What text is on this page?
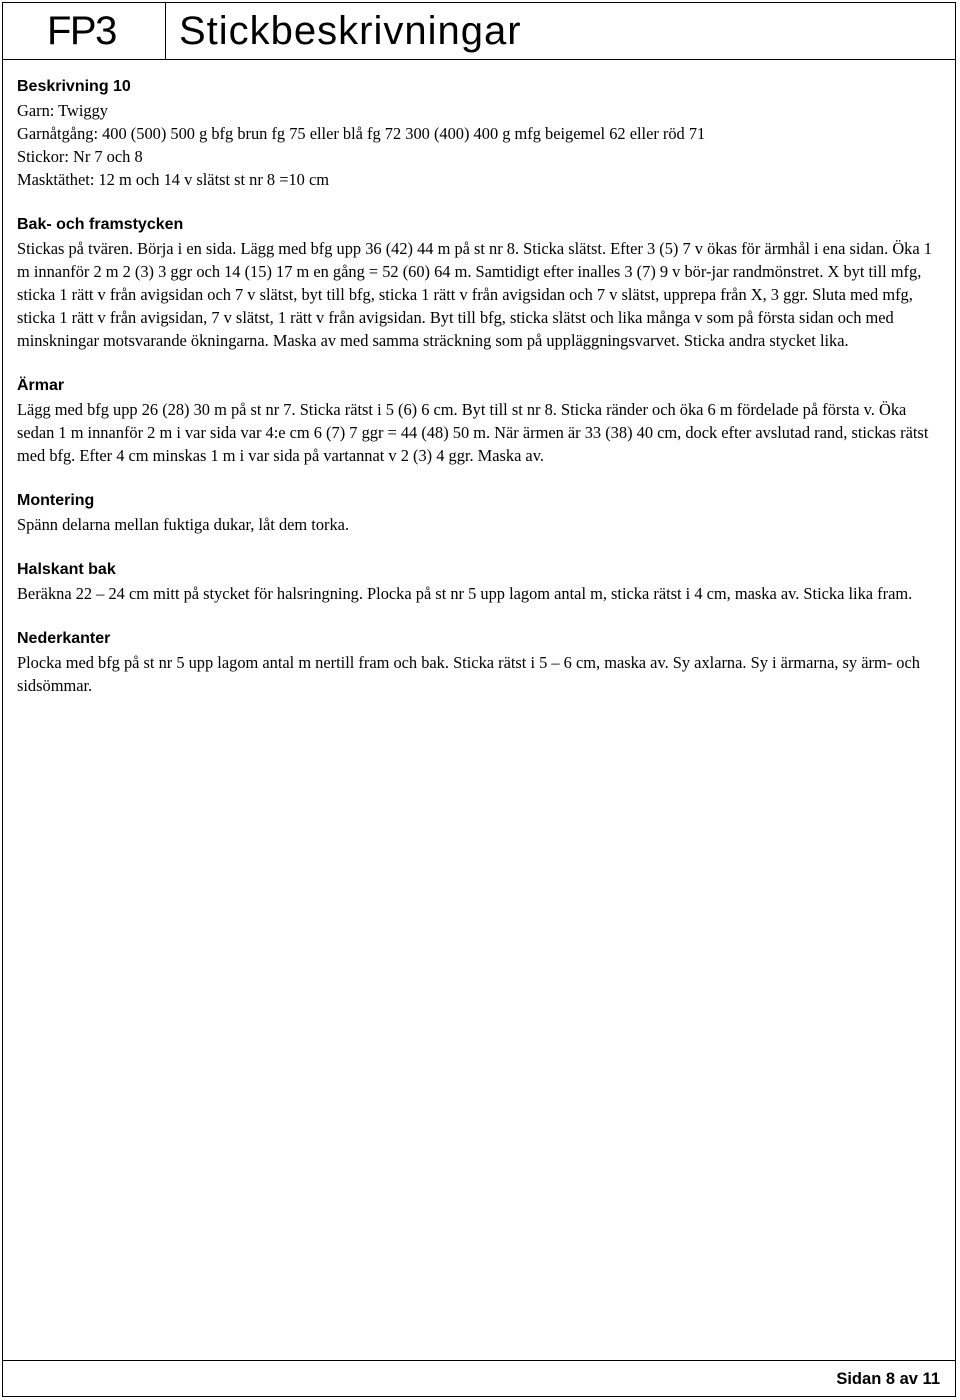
FP3	Stickbeskrivningar

Beskrivning 10

Garn: Twiggy

Garnåtgång: 400 (500) 500 g bfg brun fg 75 eller blå fg 72 300 (400) 400 g mfg beigemel 62 eller röd 71

Stickor: Nr 7 och 8

Masktäthet: 12 m och 14 v slätst st nr 8 =10 cm

Bak- och framstycken

Stickas på tvären. Börja i en sida. Lägg med bfg upp 36 (42) 44 m på st nr 8. Sticka slätst. Efter 3 (5) 7 v ökas för ärmhål i ena sidan. Öka 1 m innanför 2 m 2 (3) 3 ggr och 14 (15) 17 m en gång = 52 (60) 64 m. Samtidigt efter inalles 3 (7) 9 v bör-jar randmönstret. X byt till mfg, sticka 1 rätt v från avigsidan och 7 v slätst, byt till bfg, sticka 1 rätt v från avigsidan och 7 v slätst, upprepa från X, 3 ggr. Sluta med mfg, sticka 1 rätt v från avigsidan, 7 v slätst, 1 rätt v från avigsidan. Byt till bfg, sticka slätst och lika många v som på första sidan och med minskningar motsvarande ökningarna. Maska av med samma sträckning som på uppläggningsvarvet. Sticka andra stycket lika.

Ärmar

Lägg med bfg upp 26 (28) 30 m på st nr 7. Sticka rätst i 5 (6) 6 cm. Byt till st nr 8. Sticka ränder och öka 6 m fördelade på första v. Öka sedan 1 m innanför 2 m i var sida var 4:e cm 6 (7) 7 ggr = 44 (48) 50 m. När ärmen är 33 (38) 40 cm, dock efter avslutad rand, stickas rätst med bfg. Efter 4 cm minskas 1 m i var sida på vartannat v 2 (3) 4 ggr. Maska av.

Montering

Spänn delarna mellan fuktiga dukar, låt dem torka.

Halskant bak

Beräkna 22 – 24 cm mitt på stycket för halsringning. Plocka på st nr 5 upp lagom antal m, sticka rätst i 4 cm, maska av. Sticka lika fram.

Nederkanter

Plocka med bfg på st nr 5 upp lagom antal m nertill fram och bak. Sticka rätst i 5 – 6 cm, maska av. Sy axlarna. Sy i ärmarna, sy ärm- och sidsömmar.

Sidan 8 av 11
